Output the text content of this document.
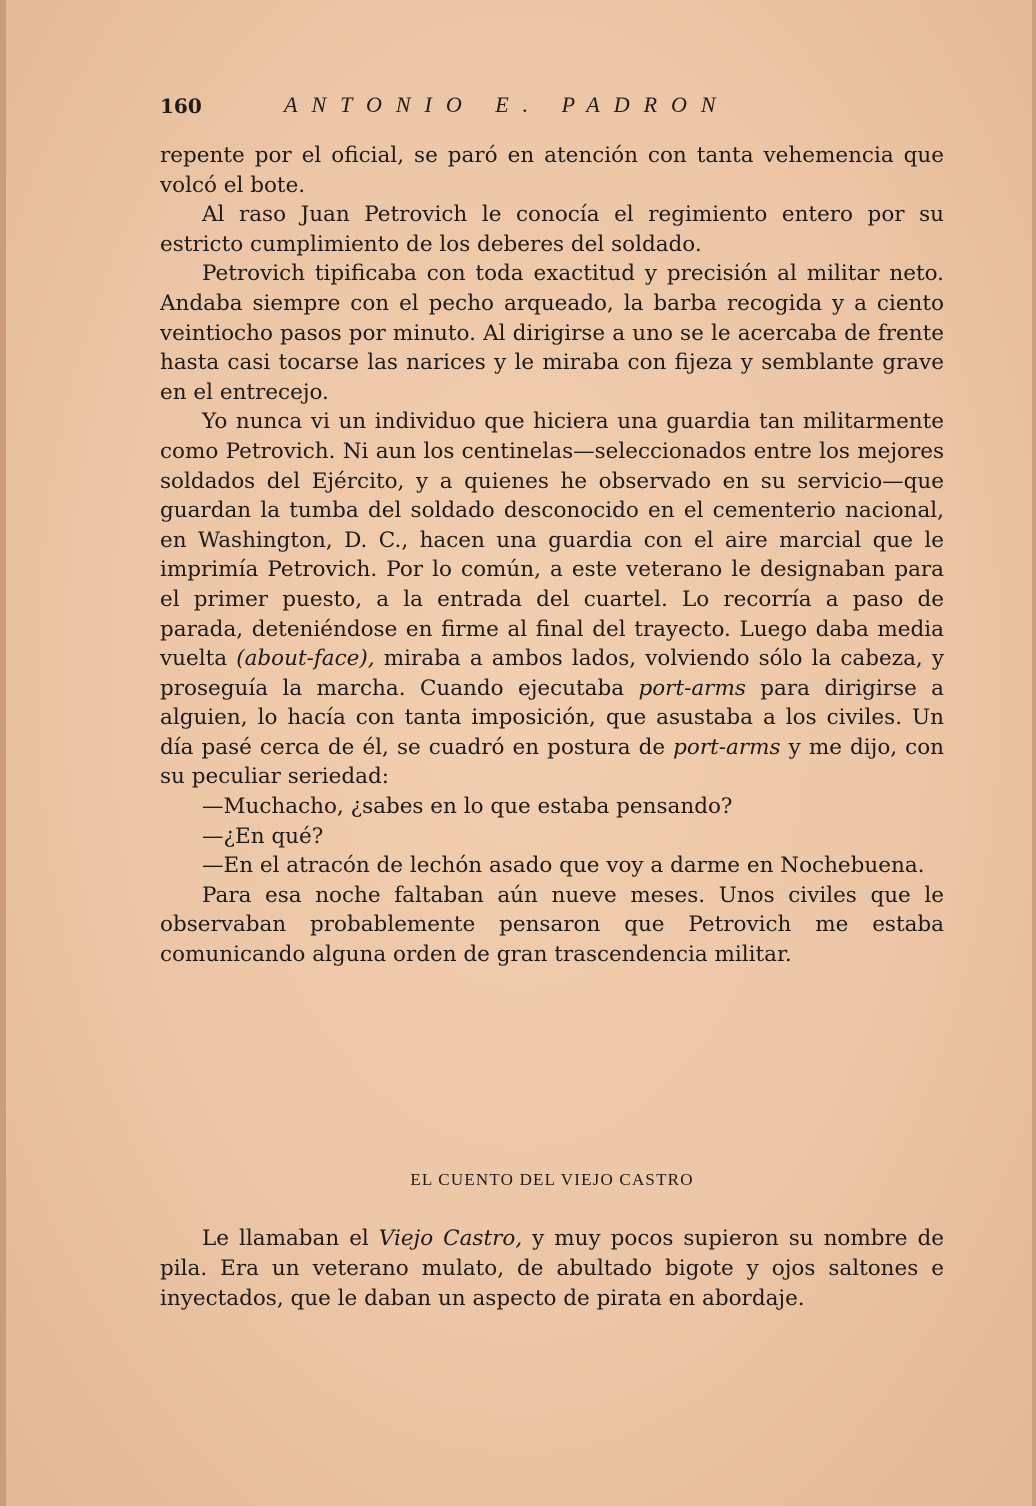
160	ANTONIO E. PADRON

repente por el oficial, se paró en atención con tanta vehemencia que volcó el bote.

Al raso Juan Petrovich le conocía el regimiento entero por su estricto cumplimiento de los deberes del soldado.

Petrovich tipificaba con toda exactitud y precisión al militar neto. Andaba siempre con el pecho arqueado, la barba recogida y a ciento veintiocho pasos por minuto. Al dirigirse a uno se le acercaba de frente hasta casi tocarse las narices y le miraba con fijeza y semblante grave en el entrecejo.

Yo nunca vi un individuo que hiciera una guardia tan militarmente como Petrovich. Ni aun los centinelas—seleccionados entre los mejores soldados del Ejército, y a quienes he observado en su servicio—que guardan la tumba del soldado desconocido en el cementerio nacional, en Washington, D. C., hacen una guardia con el aire marcial que le imprimía Petrovich. Por lo común, a este veterano le designaban para el primer puesto, a la entrada del cuartel. Lo recorría a paso de parada, deteniéndose en firme al final del trayecto. Luego daba media vuelta (about-face), miraba a ambos lados, volviendo sólo la cabeza, y proseguía la marcha. Cuando ejecutaba port-arms para dirigirse a alguien, lo hacía con tanta imposición, que asustaba a los civiles. Un día pasé cerca de él, se cuadró en postura de port-arms y me dijo, con su peculiar seriedad:

—Muchacho, ¿sabes en lo que estaba pensando?

—¿En qué?

—En el atracón de lechón asado que voy a darme en Nochebuena.

Para esa noche faltaban aún nueve meses. Unos civiles que le observaban probablemente pensaron que Petrovich me estaba comunicando alguna orden de gran trascendencia militar.

EL CUENTO DEL VIEJO CASTRO

Le llamaban el Viejo Castro, y muy pocos supieron su nombre de pila. Era un veterano mulato, de abultado bigote y ojos saltones e inyectados, que le daban un aspecto de pirata en abordaje.
